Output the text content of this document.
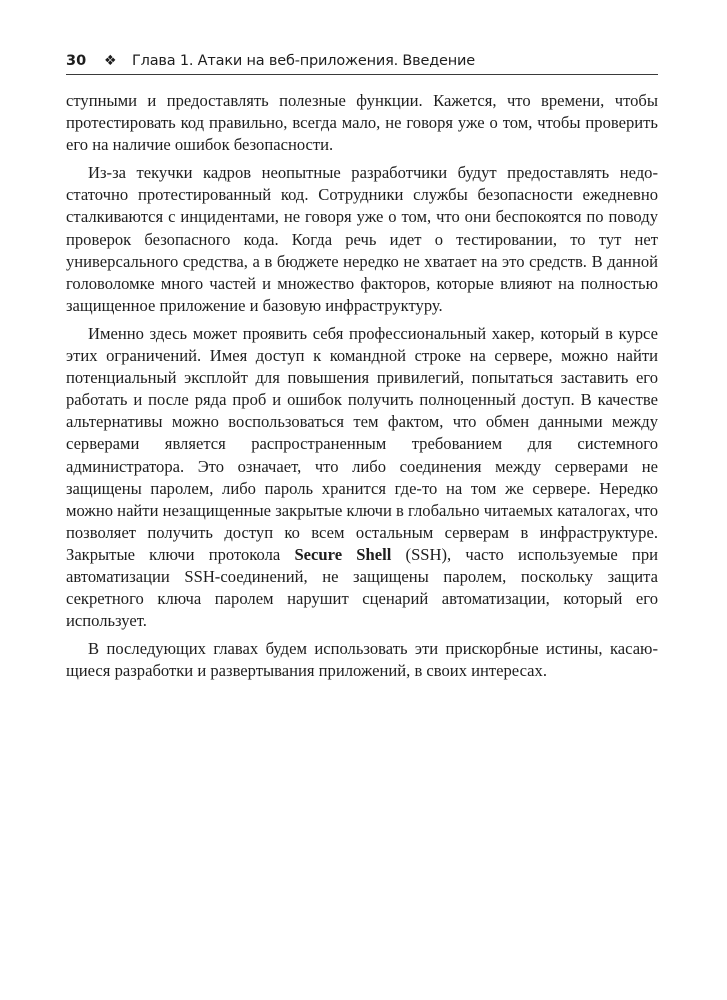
30 ❖ Глава 1. Атаки на веб-приложения. Введение

ступными и предоставлять полезные функции. Кажется, что времени, чтобы протестировать код правильно, всегда мало, не говоря уже о том, чтобы проверить его на наличие ошибок безопасности.

Из-за текучки кадров неопытные разработчики будут предоставлять недостаточно протестированный код. Сотрудники службы безопасности ежедневно сталкиваются с инцидентами, не говоря уже о том, что они беспокоятся по поводу проверок безопасного кода. Когда речь идет о тестировании, то тут нет универсального средства, а в бюджете нередко не хватает на это средств. В данной головоломке много частей и множество факторов, которые влияют на полностью защищенное приложение и базовую инфраструктуру.

Именно здесь может проявить себя профессиональный хакер, который в курсе этих ограничений. Имея доступ к командной строке на сервере, можно найти потенциальный эксплойт для повышения привилегий, попытаться заставить его работать и после ряда проб и ошибок получить полноценный доступ. В качестве альтернативы можно воспользоваться тем фактом, что обмен данными между серверами является распространенным требованием для системного администратора. Это означает, что либо соединения между серверами не защищены паролем, либо пароль хранится где-то на том же сервере. Нередко можно найти незащищенные закрытые ключи в глобально читаемых каталогах, что позволяет получить доступ ко всем остальным серверам в инфраструктуре. Закрытые ключи протокола Secure Shell (SSH), часто используемые при автоматизации SSH-соединений, не защищены паролем, поскольку защита секретного ключа паролем нарушит сценарий автоматизации, который его использует.

В последующих главах будем использовать эти прискорбные истины, касающиеся разработки и развертывания приложений, в своих интересах.
